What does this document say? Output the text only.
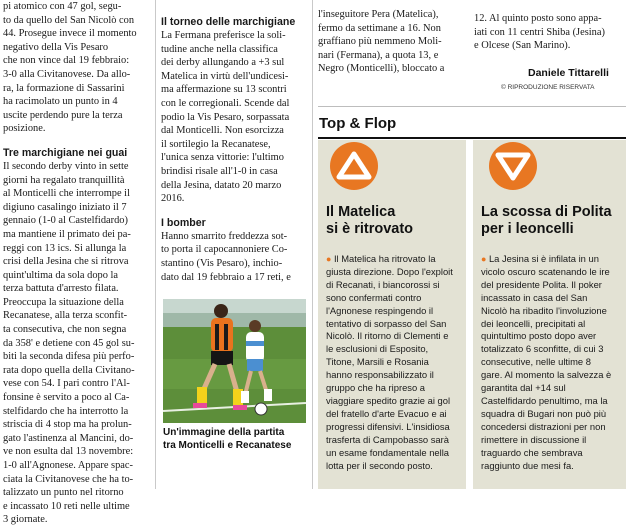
pi atomico con 47 gol, segu-
to da quello del San Nicolò con
44. Prosegue invece il momento
negativo della Vis Pesaro
che non vince dal 19 febbraio:
3-0 alla Civitanovese. Da allo-
ra, la formazione di Sassarini
ha racimolato un punto in 4
uscite perdendo pure la terza
posizione.
Tre marchigiane nei guai
Il secondo derby vinto in sette
giorni ha regalato tranquillità
al Monticelli che interrompe il
digiuno casalingo iniziato il 7
gennaio (1-0 al Castelfidardo)
ma mantiene il primato dei pa-
reggi con 13 ics. Si allunga la
crisi della Jesina che si ritrova
quint'ultima da sola dopo la
terza battuta d'arresto filata.
Preoccupa la situazione della
Recanatese, alla terza sconfit-
ta consecutiva, che non segna
da 358' e detiene con 45 gol su-
biti la seconda difesa più perfo-
rata dopo quella della Civitano-
vese con 54. I pari contro l'Al-
fonsine è servito a poco al Ca-
stelfidardo che ha interrotto la
striscia di 4 stop ma ha prolun-
gato l'astinenza al Mancini, do-
ve non esulta dal 13 novembre:
1-0 all'Agnonese. Appare spac-
ciata la Civitanovese che ha to-
talizzato un punto nel ritorno
e incassato 10 reti nelle ultime
3 giornate.
Il torneo delle marchigiane
La Fermana preferisce la soli-
tudine anche nella classifica
dei derby allungando a +3 sul
Matelica in virtù dell'undicesi-
ma affermazione su 13 scontri
con le corregionali. Scende dal
podio la Vis Pesaro, sorpassata
dal Monticelli. Non esorcizza
il sortilegio la Recanatese,
l'unica senza vittorie: l'ultimo
brindisi risale all'1-0 in casa
della Jesina, datato 20 marzo
2016.
I bomber
Hanno smarrito freddezza sot-
to porta il capocannoniere Co-
stantino (Vis Pesaro), inchio-
dato dal 19 febbraio a 17 reti, e
Un'immagine della partita
tra Monticelli e Recanatese
l'inseguitore Pera (Matelica),
fermo da settimane a 16. Non
graffiano più nemmeno Moli-
nari (Fermana), a quota 13, e
Negro (Monticelli), bloccato a
12. Al quinto posto sono appa-
iati con 11 centri Shiba (Jesina)
e Olcese (San Marino).
Daniele Tittarelli
© RIPRODUZIONE RISERVATA
Top & Flop
Il Matelica
si è ritrovato
● Il Matelica ha ritrovato la
giusta direzione. Dopo l'exploit
di Recanati, i biancorossi si
sono confermati contro
l'Agnonese respingendo il
tentativo di sorpasso del San
Nicolò. Il ritorno di Clementi e
le esclusioni di Esposito,
Titone, Marsili e Rosania
hanno responsabilizzato il
gruppo che ha ripreso a
viaggiare spedito grazie ai gol
del fratello d'arte Evacuo e ai
progressi difensivi. L'insidiosa
trasferta di Campobasso sarà
un esame fondamentale nella
lotta per il secondo posto.
La scossa di Polita
per i leoncelli
● La Jesina si è infilata in un
vicolo oscuro scatenando le ire
del presidente Polita. Il poker
incassato in casa del San
Nicolò ha ribadito l'involuzione
dei leoncelli, precipitati al
quintultimo posto dopo aver
totalizzato 6 sconfitte, di cui 3
consecutive, nelle ultime 8
gare. Al momento la salvezza è
garantita dal +14 sul
Castelfidardo penultimo, ma la
squadra di Bugari non può più
concedersi distrazioni per non
rimettere in discussione il
traguardo che sembrava
raggiunto due mesi fa.
